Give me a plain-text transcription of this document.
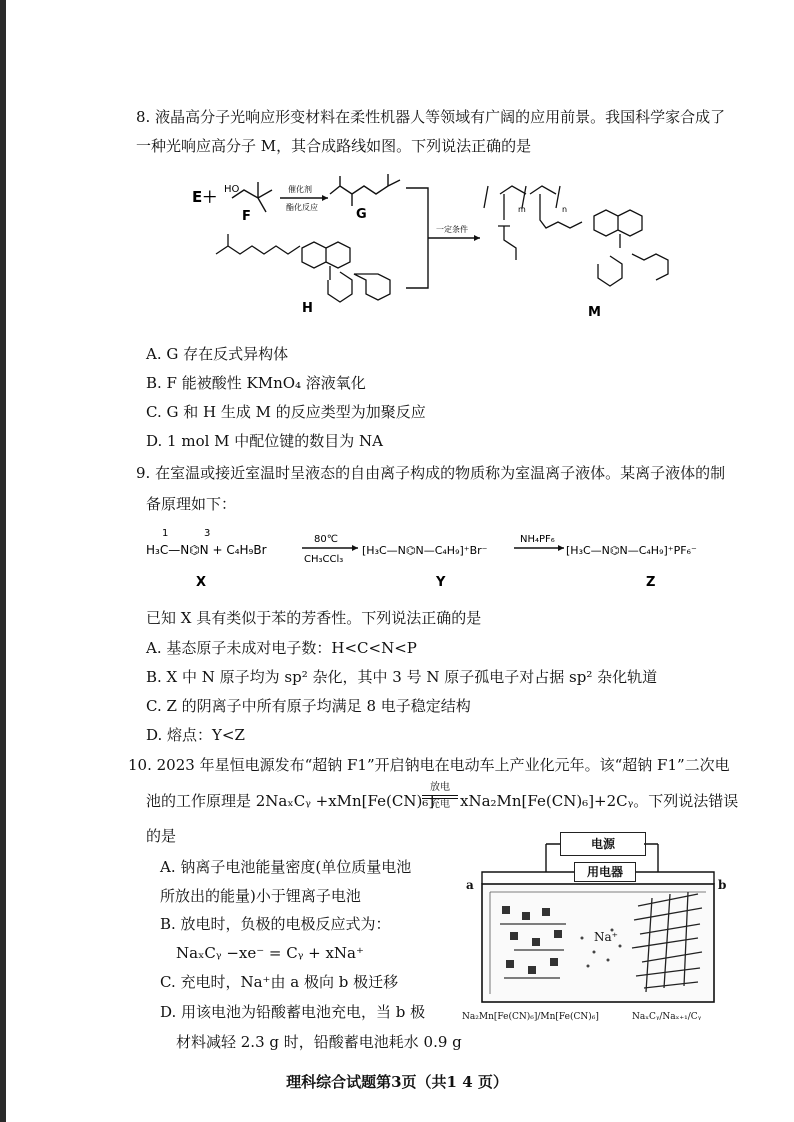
8. 液晶高分子光响应形变材料在柔性机器人等领域有广阔的应用前景。我国科学家合成了
一种光响应高分子 M，其合成路线如图。下列说法正确的是
E＋ HO
F
催化剂
酯化反应	G
H
一定条件
m	n
M
A. G 存在反式异构体
B. F 能被酸性 KMnO₄ 溶液氧化
C. G 和 H 生成 M 的反应类型为加聚反应
D. 1 mol M 中配位键的数目为 NA
9. 在室温或接近室温时呈液态的自由离子构成的物质称为室温离子液体。某离子液体的制
备原理如下：
1	3
H₃C—N⌬N + C₄H₉Br
X
80℃
CH₃CCl₃
[H₃C—N⌬N—C₄H₉]⁺Br⁻
Y
NH₄PF₆
[H₃C—N⌬N—C₄H₉]⁺PF₆⁻
Z
已知 X 具有类似于苯的芳香性。下列说法正确的是
A. 基态原子未成对电子数：H<C<N<P
B. X 中 N 原子均为 sp² 杂化，其中 3 号 N 原子孤电子对占据 sp² 杂化轨道
C. Z 的阴离子中所有原子均满足 8 电子稳定结构
D. 熔点：Y<Z
10. 2023 年星恒电源发布“超钠 F1”开启钠电在电动车上产业化元年。该“超钠 F1”二次电
池的工作原理是 2NaₓCᵧ +xMn[Fe(CN)₆]
放电
充电 xNa₂Mn[Fe(CN)₆]+2Cᵧ。下列说法错误
的是
A. 钠离子电池能量密度(单位质量电池
所放出的能量)小于锂离子电池
B. 放电时，负极的电极反应式为：
NaₓCᵧ −xe⁻ = Cᵧ + xNa⁺
C. 充电时，Na⁺由 a 极向 b 极迁移
D. 用该电池为铅酸蓄电池充电，当 b 极
材料减轻 2.3 g 时，铅酸蓄电池耗水 0.9 g
电源
用电器
a	b
Na⁺
Na₂Mn[Fe(CN)₆]/Mn[Fe(CN)₆]	NaₓCᵧ/Naₓ₊₁/Cᵧ
理科综合试题第3页（共1 4 页）
